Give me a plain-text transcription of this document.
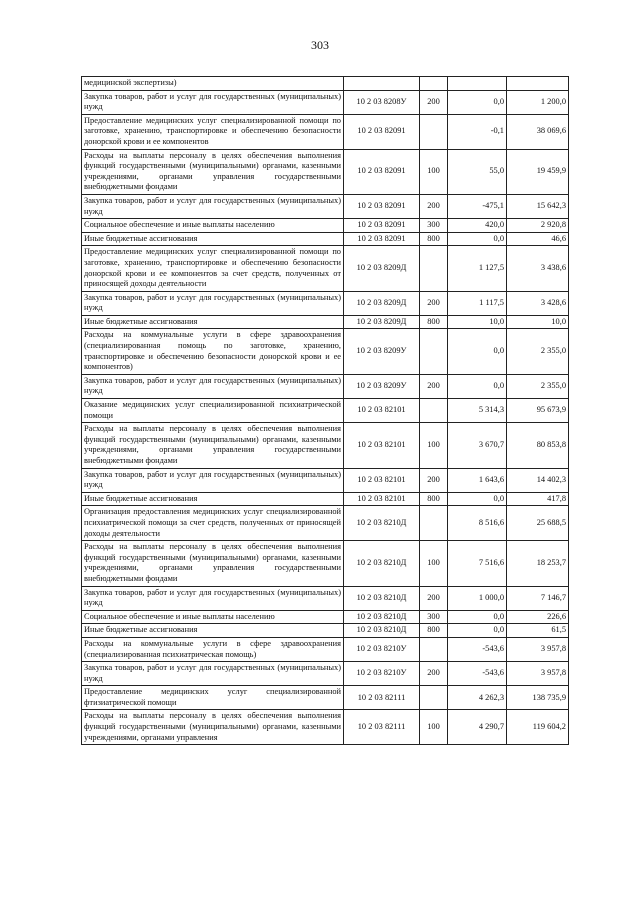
303
медицинской экспертизы)				
Закупка товаров, работ и услуг для государственных (муниципальных) нужд	10 2 03 8208У	200	0,0	1 200,0
Предоставление медицинских услуг специализированной помощи по заготовке, хранению, транспортировке и обеспечению безопасности донорской крови и ее компонентов	10 2 03 82091		-0,1	38 069,6
Расходы на выплаты персоналу в целях обеспечения выполнения функций государственными (муниципальными) органами, казенными учреждениями, органами управления государственными внебюджетными фондами	10 2 03 82091	100	55,0	19 459,9
Закупка товаров, работ и услуг для государственных (муниципальных) нужд	10 2 03 82091	200	-475,1	15 642,3
Социальное обеспечение и иные выплаты населению	10 2 03 82091	300	420,0	2 920,8
Иные бюджетные ассигнования	10 2 03 82091	800	0,0	46,6
Предоставление медицинских услуг специализированной помощи по заготовке, хранению, транспортировке и обеспечению безопасности донорской крови и ее компонентов за счет средств, полученных от приносящей доходы деятельности	10 2 03 8209Д		1 127,5	3 438,6
Закупка товаров, работ и услуг для государственных (муниципальных) нужд	10 2 03 8209Д	200	1 117,5	3 428,6
Иные бюджетные ассигнования	10 2 03 8209Д	800	10,0	10,0
Расходы на коммунальные услуги в сфере здравоохранения (специализированная помощь по заготовке, хранению, транспортировке и обеспечению безопасности донорской крови и ее компонентов)	10 2 03 8209У		0,0	2 355,0
Закупка товаров, работ и услуг для государственных (муниципальных) нужд	10 2 03 8209У	200	0,0	2 355,0
Оказание медицинских услуг специализированной психиатрической помощи	10 2 03 82101		5 314,3	95 673,9
Расходы на выплаты персоналу в целях обеспечения выполнения функций государственными (муниципальными) органами, казенными учреждениями, органами управления государственными внебюджетными фондами	10 2 03 82101	100	3 670,7	80 853,8
Закупка товаров, работ и услуг для государственных (муниципальных) нужд	10 2 03 82101	200	1 643,6	14 402,3
Иные бюджетные ассигнования	10 2 03 82101	800	0,0	417,8
Организация предоставления медицинских услуг специализированной психиатрической помощи за счет средств, полученных от приносящей доходы деятельности	10 2 03 8210Д		8 516,6	25 688,5
Расходы на выплаты персоналу в целях обеспечения выполнения функций государственными (муниципальными) органами, казенными учреждениями, органами управления государственными внебюджетными фондами	10 2 03 8210Д	100	7 516,6	18 253,7
Закупка товаров, работ и услуг для государственных (муниципальных) нужд	10 2 03 8210Д	200	1 000,0	7 146,7
Социальное обеспечение и иные выплаты населению	10 2 03 8210Д	300	0,0	226,6
Иные бюджетные ассигнования	10 2 03 8210Д	800	0,0	61,5
Расходы на коммунальные услуги в сфере здравоохранения (специализированная психиатрическая помощь)	10 2 03 8210У		-543,6	3 957,8
Закупка товаров, работ и услуг для государственных (муниципальных) нужд	10 2 03 8210У	200	-543,6	3 957,8
Предоставление медицинских услуг специализированной фтизиатрической помощи	10 2 03 82111		4 262,3	138 735,9
Расходы на выплаты персоналу в целях обеспечения выполнения функций государственными (муниципальными) органами, казенными учреждениями, органами управления	10 2 03 82111	100	4 290,7	119 604,2
